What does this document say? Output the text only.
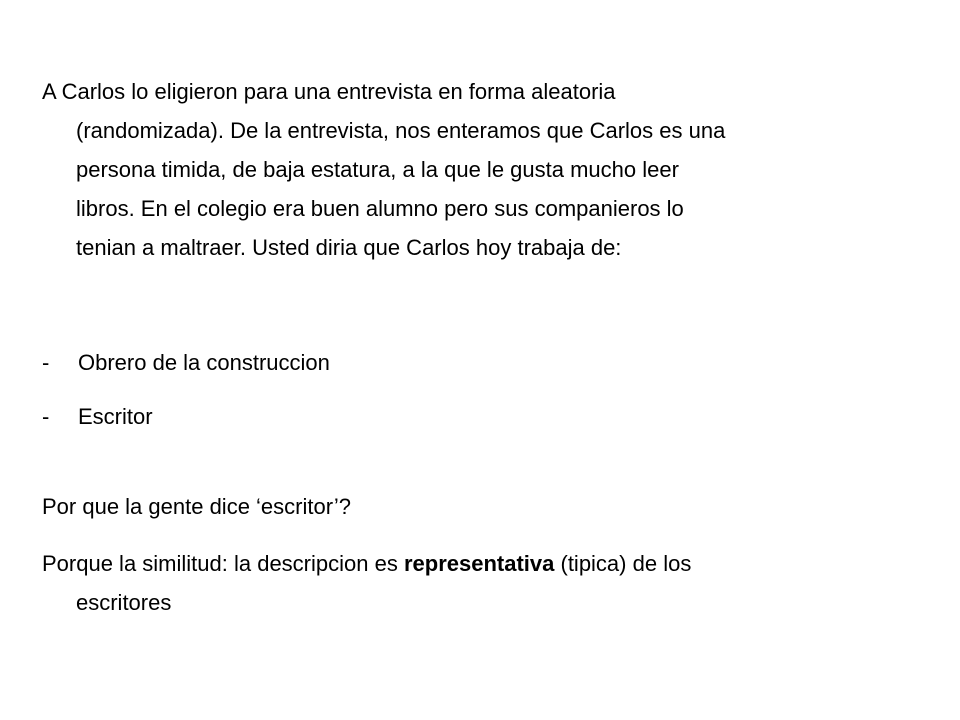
A Carlos lo eligieron para una entrevista en forma aleatoria
(randomizada). De la entrevista, nos enteramos que Carlos es una
persona timida, de baja estatura, a la que le gusta mucho leer
libros. En el colegio era buen alumno pero sus companieros lo
tenian a maltraer. Usted diria que Carlos hoy trabaja de:

- Obrero de la construccion
- Escritor

Por que la gente dice ‘escritor’?

Porque la similitud: la descripcion es representativa (tipica) de los
escritores
